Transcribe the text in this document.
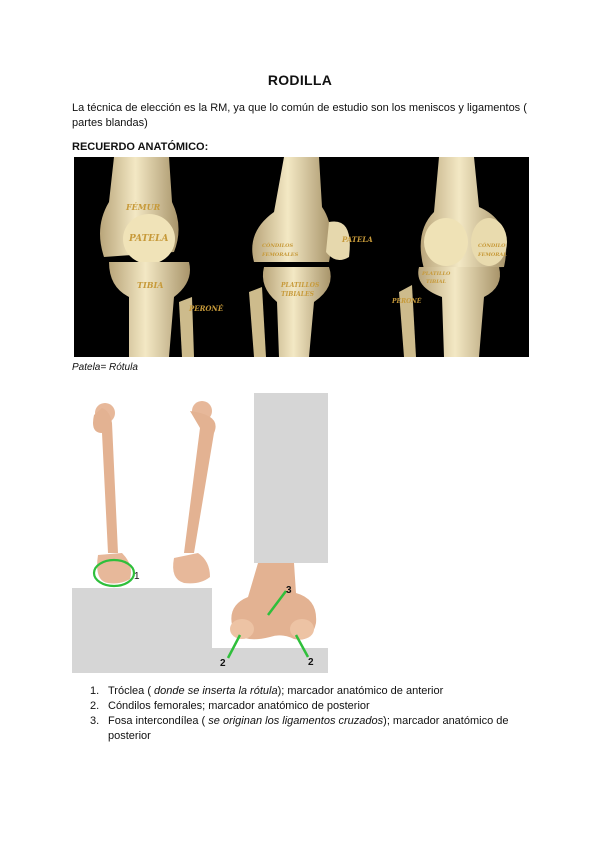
RODILLA
La técnica de elección es la RM, ya que lo común de estudio son los meniscos y ligamentos ( partes blandas)
RECUERDO ANATÓMICO:
FÉMUR
PATELA
TIBIA
PERONÉ
CÓNDILOS
FEMORALES
PATELA
PLATILLOS
TIBIALES
PERONÉ
CÓNDILO
FEMORAL
PLATILLO
TIBIAL
Patela= Rótula
1
3
2	2
1. Tróclea ( donde se inserta la rótula); marcador anatómico de anterior
2. Cóndilos femorales; marcador anatómico de posterior
3. Fosa intercondílea ( se originan los ligamentos cruzados); marcador anatómico de posterior
